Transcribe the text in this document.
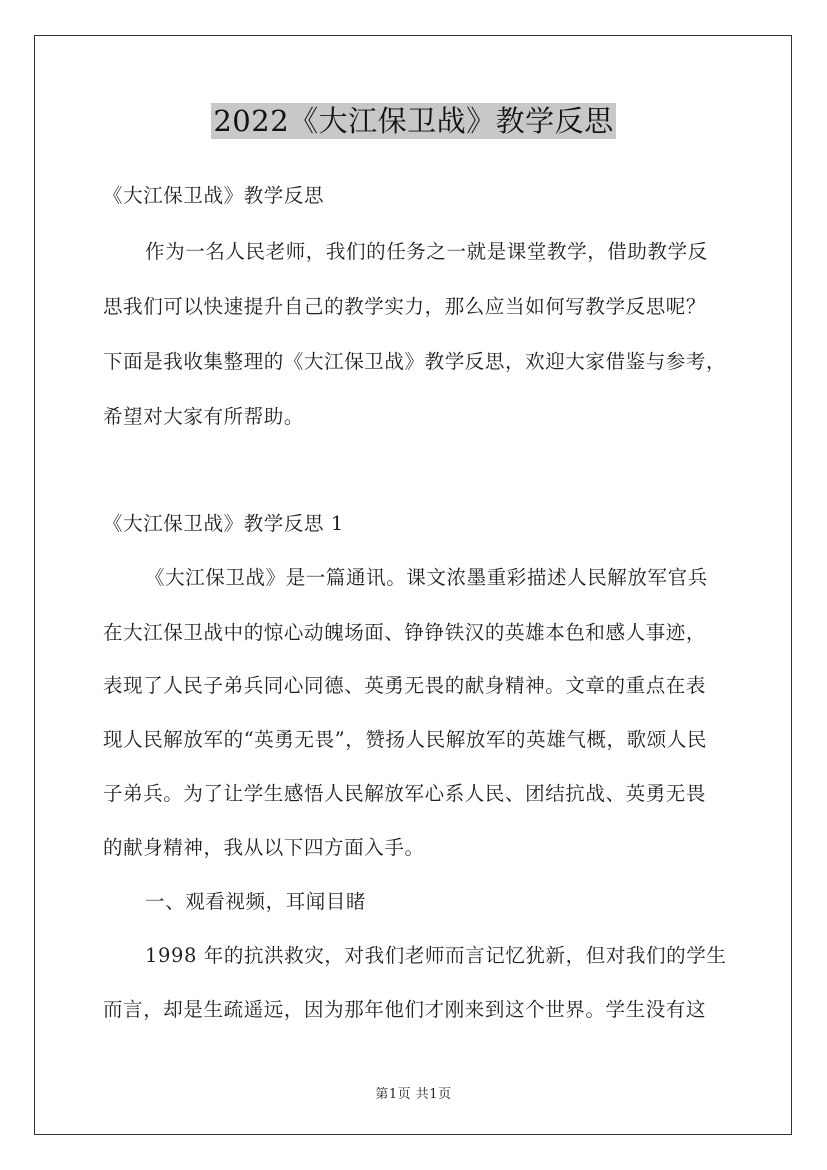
2022《大江保卫战》教学反思
《大江保卫战》教学反思
作为一名人民老师，我们的任务之一就是课堂教学，借助教学反
思我们可以快速提升自己的教学实力，那么应当如何写教学反思呢？
下面是我收集整理的《大江保卫战》教学反思，欢迎大家借鉴与参考，
希望对大家有所帮助。
《大江保卫战》教学反思 1
《大江保卫战》是一篇通讯。课文浓墨重彩描述人民解放军官兵
在大江保卫战中的惊心动魄场面、铮铮铁汉的英雄本色和感人事迹，
表现了人民子弟兵同心同德、英勇无畏的献身精神。文章的重点在表
现人民解放军的“英勇无畏”，赞扬人民解放军的英雄气概，歌颂人民
子弟兵。为了让学生感悟人民解放军心系人民、团结抗战、英勇无畏
的献身精神，我从以下四方面入手。
一、观看视频，耳闻目睹
1998 年的抗洪救灾，对我们老师而言记忆犹新，但对我们的学生
而言，却是生疏遥远，因为那年他们才刚来到这个世界。学生没有这
第1页 共1页
